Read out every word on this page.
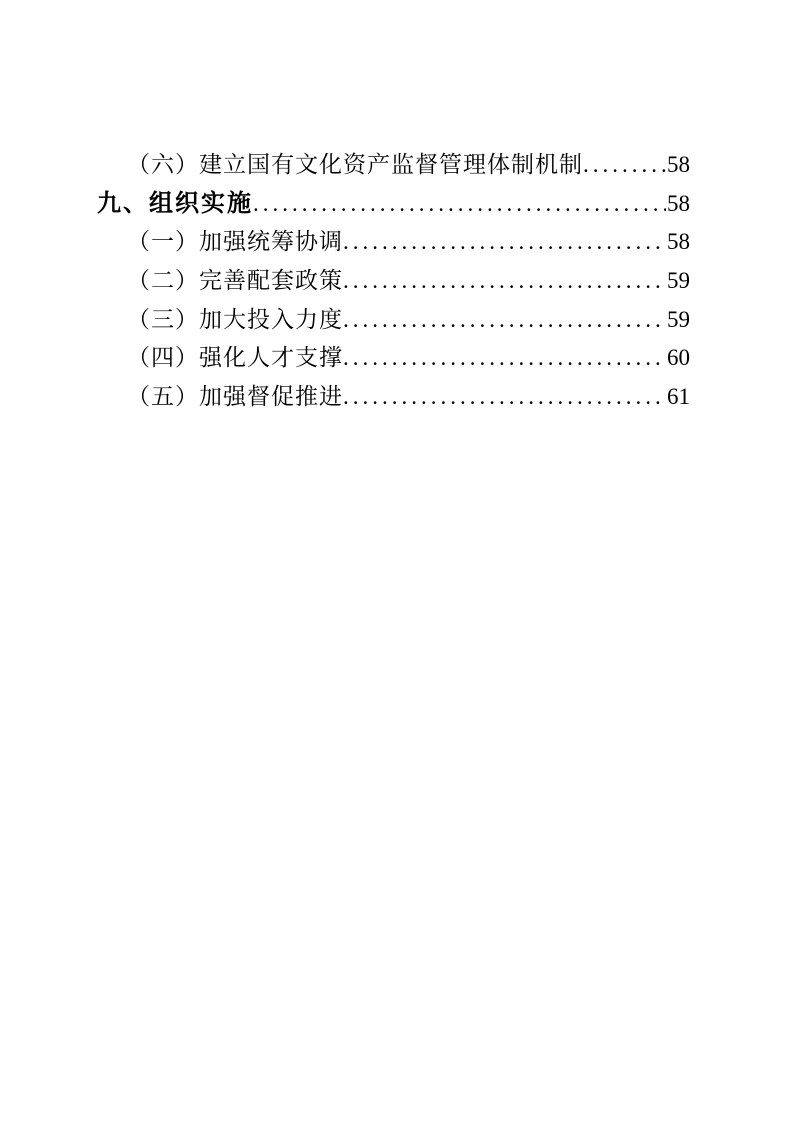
（六）建立国有文化资产监督管理体制机制 .....	58
九、组织实施 .....	58
（一）加强统筹协调 .....	58
（二）完善配套政策 .....	59
（三）加大投入力度 .....	59
（四）强化人才支撑 .....	60
（五）加强督促推进 .....	61
